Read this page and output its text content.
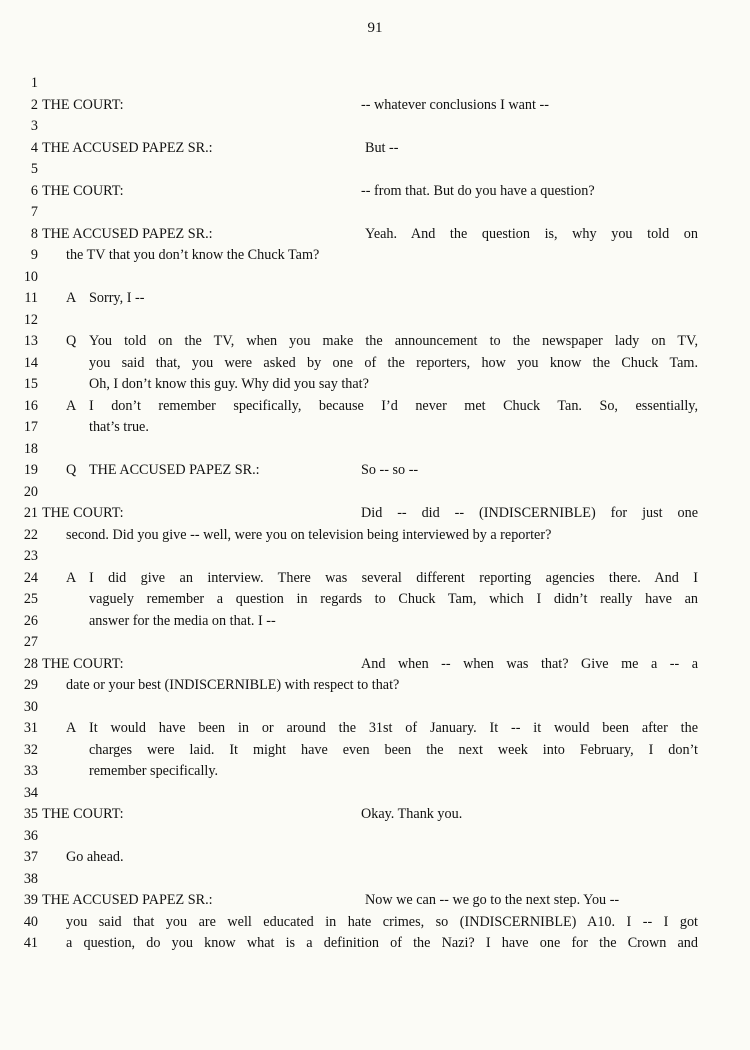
91
1
2 THE COURT:	-- whatever conclusions I want --
3
4 THE ACCUSED PAPEZ SR.:	But --
5
6 THE COURT:	-- from that. But do you have a question?
7
8 THE ACCUSED PAPEZ SR.:	Yeah. And the question is, why you told on
9 the TV that you don’t know the Chuck Tam?
10
11 A Sorry, I --
12
13 Q You told on the TV, when you make the announcement to the newspaper lady on TV,
14	you said that, you were asked by one of the reporters, how you know the Chuck Tam.
15	Oh, I don’t know this guy. Why did you say that?
16 A I don’t remember specifically, because I’d never met Chuck Tan. So, essentially,
17	that’s true.
18
19 Q THE ACCUSED PAPEZ SR.:	So -- so --
20
21 THE COURT:	Did -- did -- (INDISCERNIBLE) for just one
22 second. Did you give -- well, were you on television being interviewed by a reporter?
23
24 A I did give an interview. There was several different reporting agencies there. And I
25	vaguely remember a question in regards to Chuck Tam, which I didn’t really have an
26	answer for the media on that. I --
27
28 THE COURT:	And when -- when was that? Give me a -- a
29 date or your best (INDISCERNIBLE) with respect to that?
30
31 A It would have been in or around the 31st of January. It -- it would been after the
32	charges were laid. It might have even been the next week into February, I don’t
33	remember specifically.
34
35 THE COURT:	Okay. Thank you.
36
37 Go ahead.
38
39 THE ACCUSED PAPEZ SR.:	Now we can -- we go to the next step. You --
40 you said that you are well educated in hate crimes, so (INDISCERNIBLE) A10. I -- I got
41 a question, do you know what is a definition of the Nazi? I have one for the Crown and
